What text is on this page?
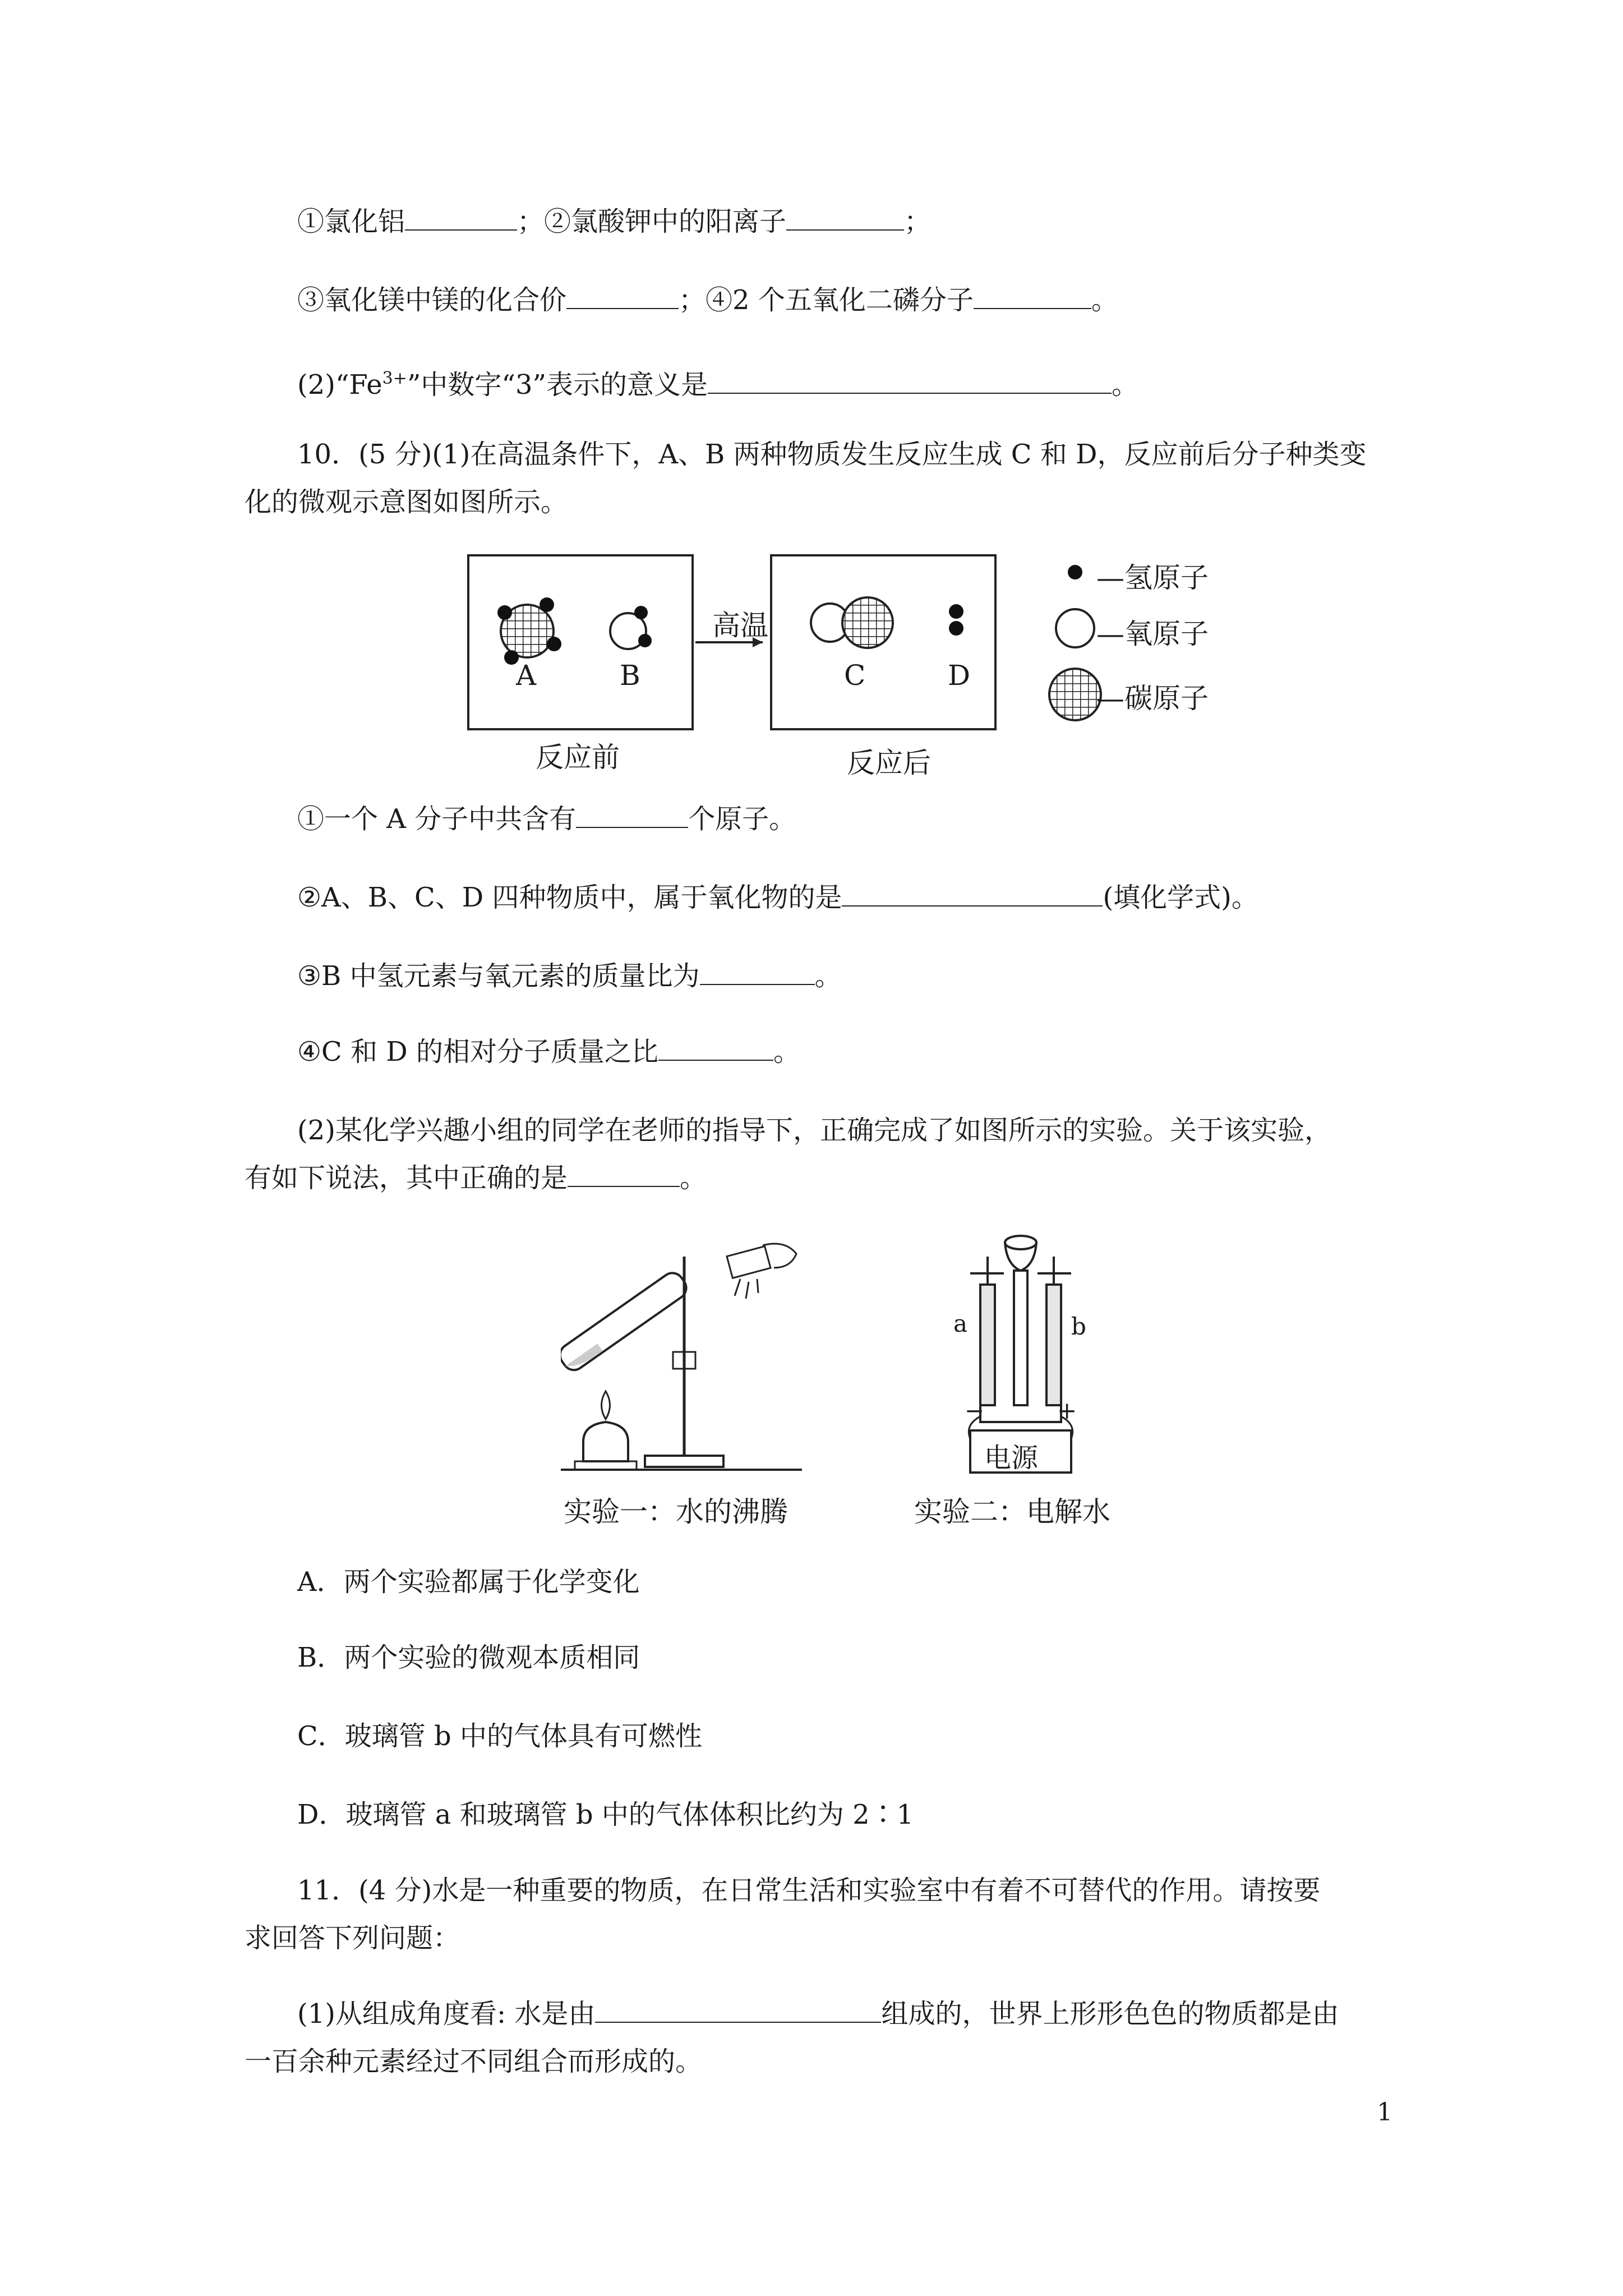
①氯化铝	；②氯酸钾中的阳离子	；
③氧化镁中镁的化合价	；④2 个五氧化二磷分子	。
$(2)“Fe^{3+}$”中数字“3”表示的意义是	。
10．(5 分)(1)在高温条件下，A、B 两种物质发生反应生成 C 和 D，反应前后分子种类变
化的微观示意图如图所示。
高温
A	B	C	D
反应前	反应后
—氢原子
—氧原子
—碳原子
①一个 A 分子中共含有	个原子。
②A、B、C、D 四种物质中，属于氧化物的是	(填化学式)。
③B 中氢元素与氧元素的质量比为	。
④C 和 D 的相对分子质量之比	。
(2)某化学兴趣小组的同学在老师的指导下，正确完成了如图所示的实验。关于该实验，
有如下说法，其中正确的是	。
a	b
−	+
电源
实验一：水的沸腾	实验二：电解水
A．两个实验都属于化学变化
B．两个实验的微观本质相同
C．玻璃管 b 中的气体具有可燃性
D．玻璃管 a 和玻璃管 b 中的气体体积比约为 2∶1
11．(4 分)水是一种重要的物质，在日常生活和实验室中有着不可替代的作用。请按要
求回答下列问题：
(1)从组成角度看: 水是由	组成的，世界上形形色色的物质都是由
一百余种元素经过不同组合而形成的。
1
